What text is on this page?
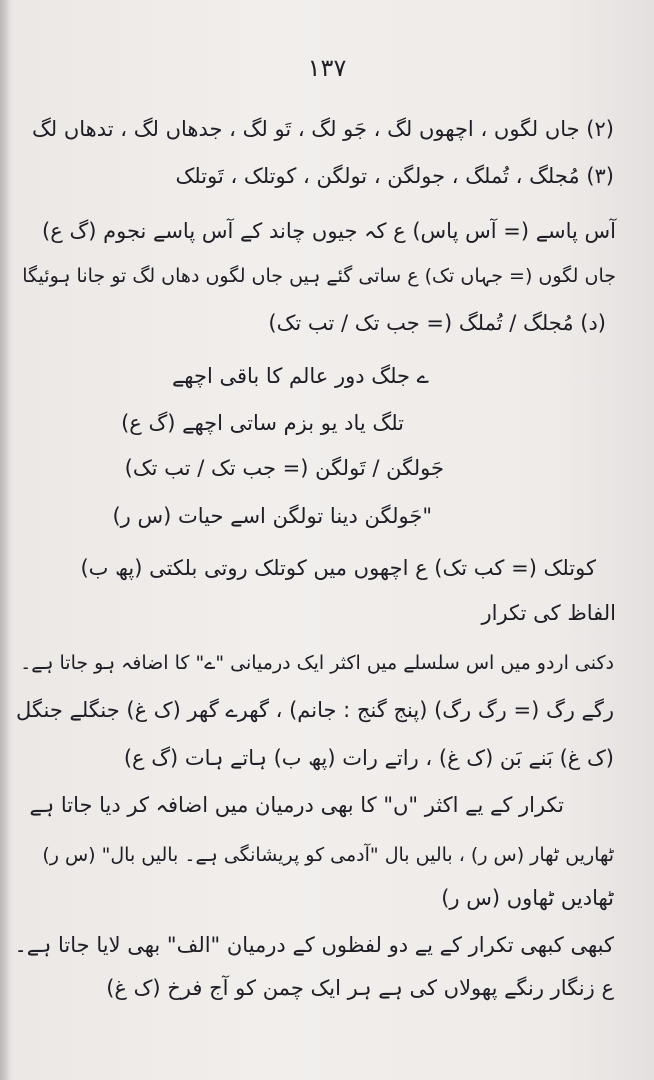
١٣٧
(٢) جاں لگوں ، اچھوں لگ ، جَو لگ ، تَو لگ ، جدھاں لگ ، تدھاں لگ
(٣) مُجلگ ، تُملگ ، جولگن ، تولگن ، کوتلک ، تَوتلک
آس پاسے (= آس پاس) ع کہ جیوں چاند کے آس پاسے نجوم (گ ع)
جاں لگوں (= جہاں تک) ع ساتی گئے ہیں جاں لگوں دھاں لگ تو جانا ہوئیگا
(د) مُجلگ / تُملگ (= جب تک / تب تک)
ے جلگ دور عالم کا باقی اچھے
تلگ یاد یو بزم ساتی اچھے (گ ع)
جَولگن / تَولگن (= جب تک / تب تک)
"جَولگن دینا تولگن اسے حیات (س ر)
کوتلک (= کب تک) ع اچھوں میں کوتلک روتی بلکتی (پھ ب)
الفاظ کی تکرار
دکنی اردو میں اس سلسلے میں اکثر ایک درمیانی "ے" کا اضافہ ہو جاتا ہے۔
رگے رگ (= رگ رگ) (پنج گنج : جانم) ، گھرے گھر (ک غ) جنگلے جنگل
(ک غ) بَنے بَن (ک غ) ، راتے رات (پھ ب) ہاتے ہات (گ ع)
تکرار کے یے اکثر "ں" کا بھی درمیان میں اضافہ کر دیا جاتا ہے
ٹھاریں ٹھار (س ر) ، بالیں بال "آدمی کو پریشانگی ہے۔ بالیں بال" (س ر)
ٹھادیں ٹھاوں (س ر)
کبھی کبھی تکرار کے یے دو لفظوں کے درمیان "الف" بھی لایا جاتا ہے۔
ع زنگار رنگے پھولاں کی ہے ہر ایک چمن کو آج فرخ (ک غ)
